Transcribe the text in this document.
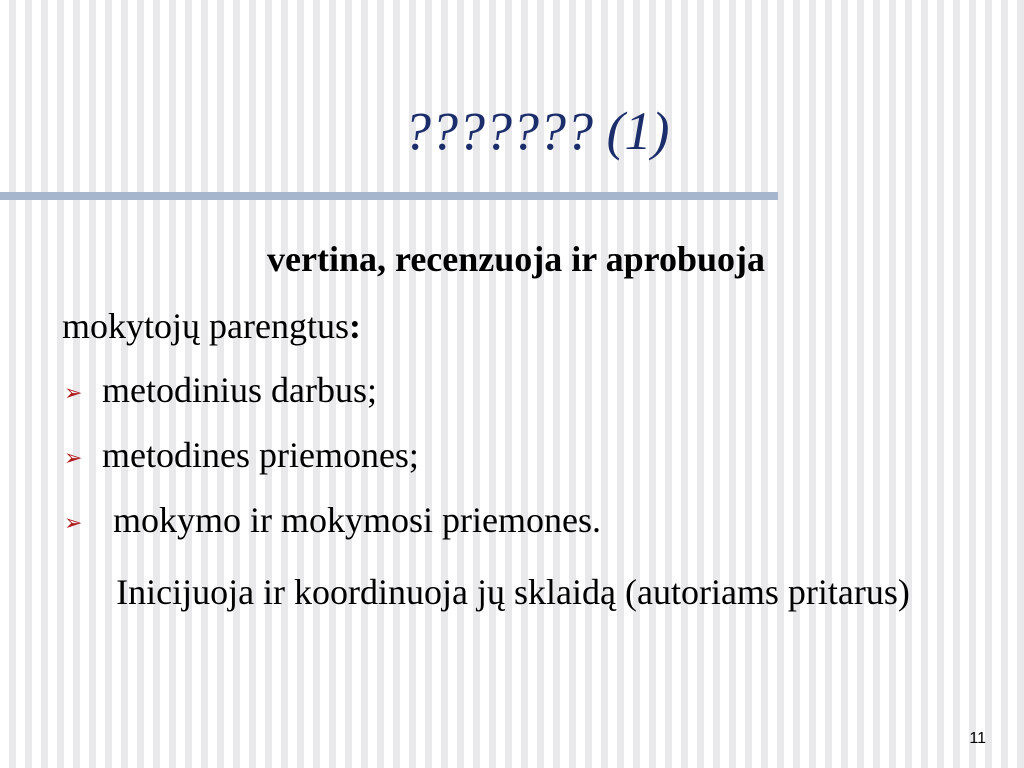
??????? (1)

vertina, recenzuoja ir aprobuoja

mokytojų parengtus:

➢ metodinius darbus;

➢ metodines priemones;

➢ mokymo ir mokymosi priemones.

Inicijuoja ir koordinuoja jų sklaidą (autoriams pritarus)

11
